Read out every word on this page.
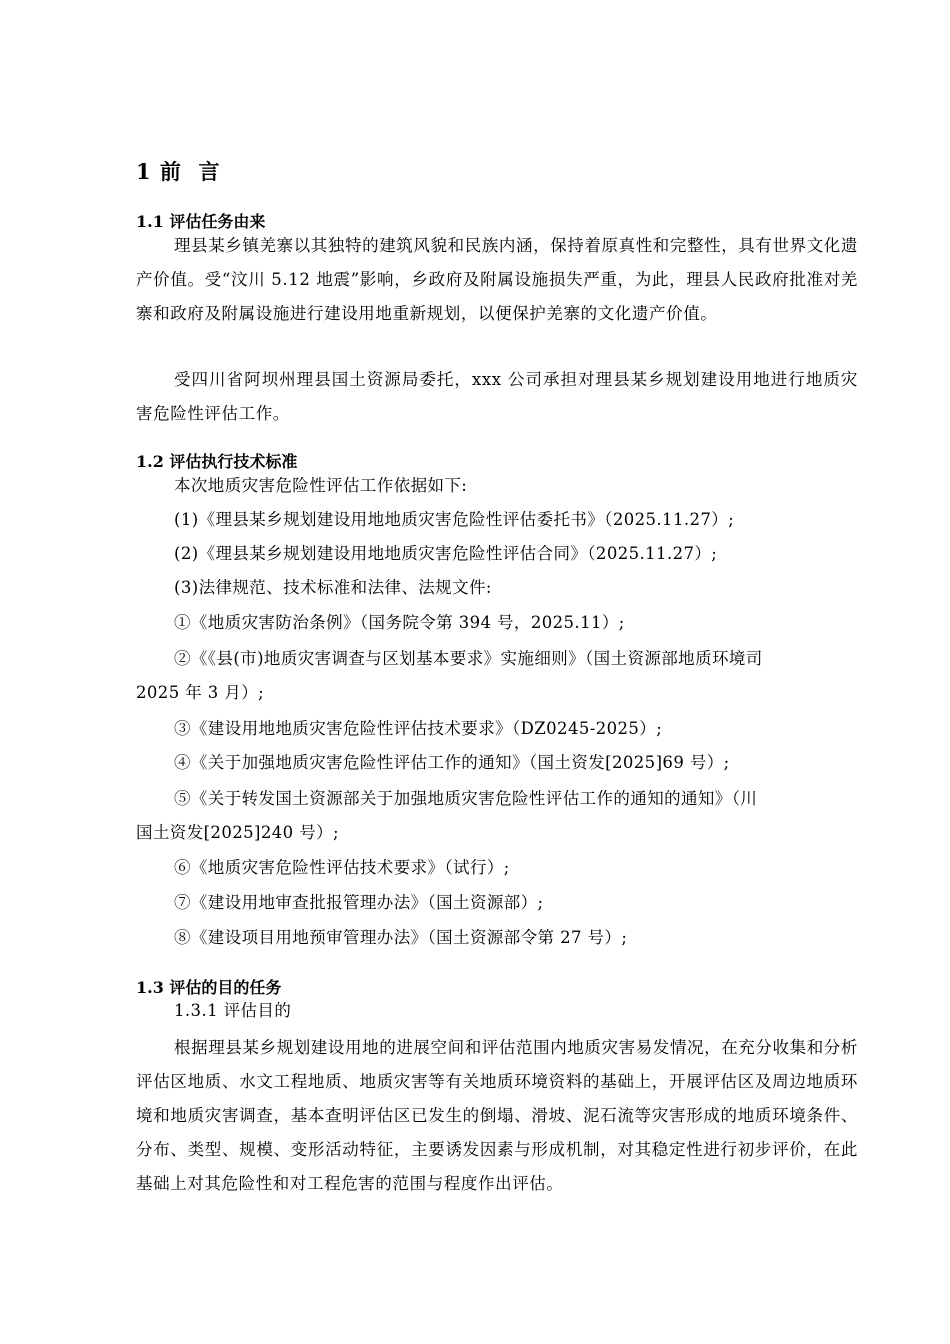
1 前  言
1.1 评估任务由来
理县某乡镇羌寨以其独特的建筑风貌和民族内涵，保持着原真性和完整性，具有世界文化遗产价值。受“汶川 5.12 地震”影响，乡政府及附属设施损失严重，为此，理县人民政府批准对羌寨和政府及附属设施进行建设用地重新规划，以便保护羌寨的文化遗产价值。
受四川省阿坝州理县国土资源局委托，xxx 公司承担对理县某乡规划建设用地进行地质灾害危险性评估工作。
1.2 评估执行技术标准
本次地质灾害危险性评估工作依据如下:
(1)《理县某乡规划建设用地地质灾害危险性评估委托书》（2025.11.27）;
(2)《理县某乡规划建设用地地质灾害危险性评估合同》（2025.11.27）;
(3)法律规范、技术标准和法律、法规文件:
①《地质灾害防治条例》（国务院令第 394 号，2025.11）;
②《《县(市)地质灾害调查与区划基本要求》实施细则》（国土资源部地质环境司
2025 年 3 月）;
③《建设用地地质灾害危险性评估技术要求》（DZ0245-2025）;
④《关于加强地质灾害危险性评估工作的通知》（国土资发[2025]69 号）;
⑤《关于转发国土资源部关于加强地质灾害危险性评估工作的通知的通知》（川
国土资发[2025]240 号）;
⑥《地质灾害危险性评估技术要求》（试行）;
⑦《建设用地审查批报管理办法》（国土资源部）;
⑧《建设项目用地预审管理办法》（国土资源部令第 27 号）;
1.3 评估的目的任务
1.3.1 评估目的
根据理县某乡规划建设用地的进展空间和评估范围内地质灾害易发情况，在充分收集和分析评估区地质、水文工程地质、地质灾害等有关地质环境资料的基础上，开展评估区及周边地质环境和地质灾害调查，基本查明评估区已发生的倒塌、滑坡、泥石流等灾害形成的地质环境条件、分布、类型、规模、变形活动特征，主要诱发因素与形成机制，对其稳定性进行初步评价，在此基础上对其危险性和对工程危害的范围与程度作出评估。
